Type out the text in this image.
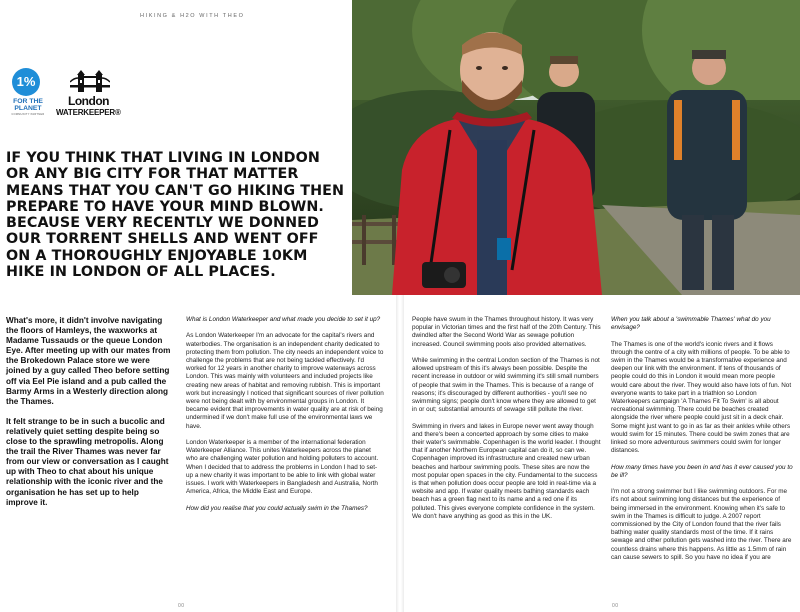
HIKING & H2O WITH THEO
1%
FOR THE
PLANET
COMMUNITY PARTNER
London
WATERKEEPER®
IF YOU THINK THAT LIVING IN LONDON OR ANY BIG CITY FOR THAT MATTER MEANS THAT YOU CAN'T GO HIKING THEN PREPARE TO HAVE YOUR MIND BLOWN. BECAUSE VERY RECENTLY WE DONNED OUR TORRENT SHELLS AND WENT OFF ON A THOROUGHLY ENJOYABLE 10KM HIKE IN LONDON OF ALL PLACES.

What's more, it didn't involve navigating the floors of Hamleys, the waxworks at Madame Tussauds or the queue London Eye. After meeting up with our mates from the Brokedown Palace store we were joined by a guy called Theo before setting off via Eel Pie island and a pub called the Barmy Arms in a Westerly direction along the Thames.

It felt strange to be in such a bucolic and relatively quiet setting despite being so close to the sprawling metropolis. Along the trail the River Thames was never far from our view or conversation as I caught up with Theo to chat about his unique relationship with the iconic river and the organisation he has set up to help improve it.

What is London Waterkeeper and what made you decide to set it up?

As London Waterkeeper I'm an advocate for the capital's rivers and waterbodies. The organisation is an independent charity dedicated to protecting them from pollution. The city needs an independent voice to challenge the problems that are not being tackled effectively. I'd worked for 12 years in another charity to improve waterways across London. This was mainly with volunteers and included projects like creating new areas of habitat and removing rubbish. This is important work but increasingly I noticed that significant sources of river pollution were not being dealt with by environmental groups in London. It became evident that improvements in water quality are at risk of being undermined if we don't make full use of the environmental laws we have.

London Waterkeeper is a member of the international federation Waterkeeper Alliance. This unites Waterkeepers across the planet who are challenging water pollution and holding polluters to account. When I decided that to address the problems in London I had to set-up a new charity it was important to be able to link with global water issues. I work with Waterkeepers in Bangladesh and Australia, North America, Africa, the Middle East and Europe.

How did you realise that you could actually swim in the Thames?

People have swum in the Thames throughout history. It was very popular in Victorian times and the first half of the 20th Century. This dwindled after the Second World War as sewage pollution increased. Council swimming pools also provided alternatives.

While swimming in the central London section of the Thames is not allowed upstream of this it's always been possible. Despite the recent increase in outdoor or wild swimming it's still small numbers of people that swim in the Thames. This is because of a range of reasons; it's discouraged by different authorities - you'll see no swimming signs; people don't know where they are allowed to get in or out; substantial amounts of sewage still pollute the river.

Swimming in rivers and lakes in Europe never went away though and there's been a concerted approach by some cities to make their water's swimmable. Copenhagen is the world leader. I thought that if another Northern European capital can do it, so can we. Copenhagen improved its infrastructure and created new urban beaches and harbour swimming pools. These sites are now the most popular open spaces in the city. Fundamental to the success is that when pollution does occur people are told in real-time via a website and app. If water quality meets bathing standards each beach has a green flag next to its name and a red one if its polluted. This gives everyone complete confidence in the system. We don't have anything as good as this in the UK.

When you talk about a 'swimmable Thames' what do you envisage?

The Thames is one of the world's iconic rivers and it flows through the centre of a city with millions of people. To be able to swim in the Thames would be a transformative experience and deepen our link with the environment. If tens of thousands of people could do this in London it would mean more people would care about the river. They would also have lots of fun. Not everyone wants to take part in a triathlon so London Waterkeepers campaign 'A Thames Fit To Swim' is all about recreational swimming. There could be beaches created alongside the river where people could just sit in a deck chair. Some might just want to go in as far as their ankles while others would swim for 15 minutes. There could be swim zones that are linked so more adventurous swimmers could swim for longer distances.

How many times have you been in and has it ever caused you to be ill?

I'm not a strong swimmer but I like swimming outdoors. For me it's not about swimming long distances but the experience of being immersed in the environment. Knowing when it's safe to swim in the Thames is difficult to judge. A 2007 report commissioned by the City of London found that the river fails bathing water quality standards most of the time. If it rains sewage and other pollution gets washed into the river. There are countless drains where this happens. As little as 1.5mm of rain can cause sewers to spill. So you have no idea if you are

00	00
